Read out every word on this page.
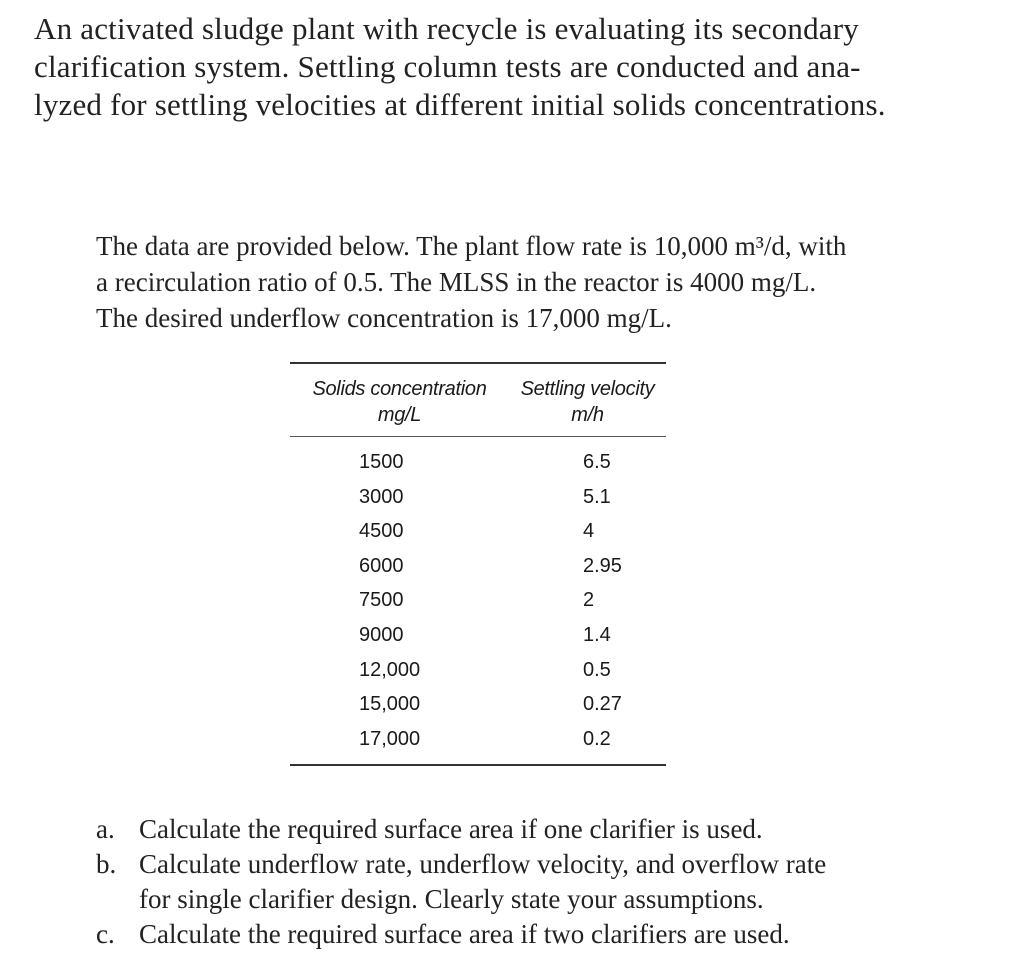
An activated sludge plant with recycle is evaluating its secondary
clarification system. Settling column tests are conducted and ana-
lyzed for settling velocities at different initial solids concentrations.
The data are provided below. The plant flow rate is 10,000 m³/d, with
a recirculation ratio of 0.5. The MLSS in the reactor is 4000 mg/L.
The desired underflow concentration is 17,000 mg/L.
Solids concentration	Settling velocity
mg/L	m/h
1500	6.5
3000	5.1
4500	4
6000	2.95
7500	2
9000	1.4
12,000	0.5
15,000	0.27
17,000	0.2
a. Calculate the required surface area if one clarifier is used.
b. Calculate underflow rate, underflow velocity, and overflow rate
for single clarifier design. Clearly state your assumptions.
c. Calculate the required surface area if two clarifiers are used.
